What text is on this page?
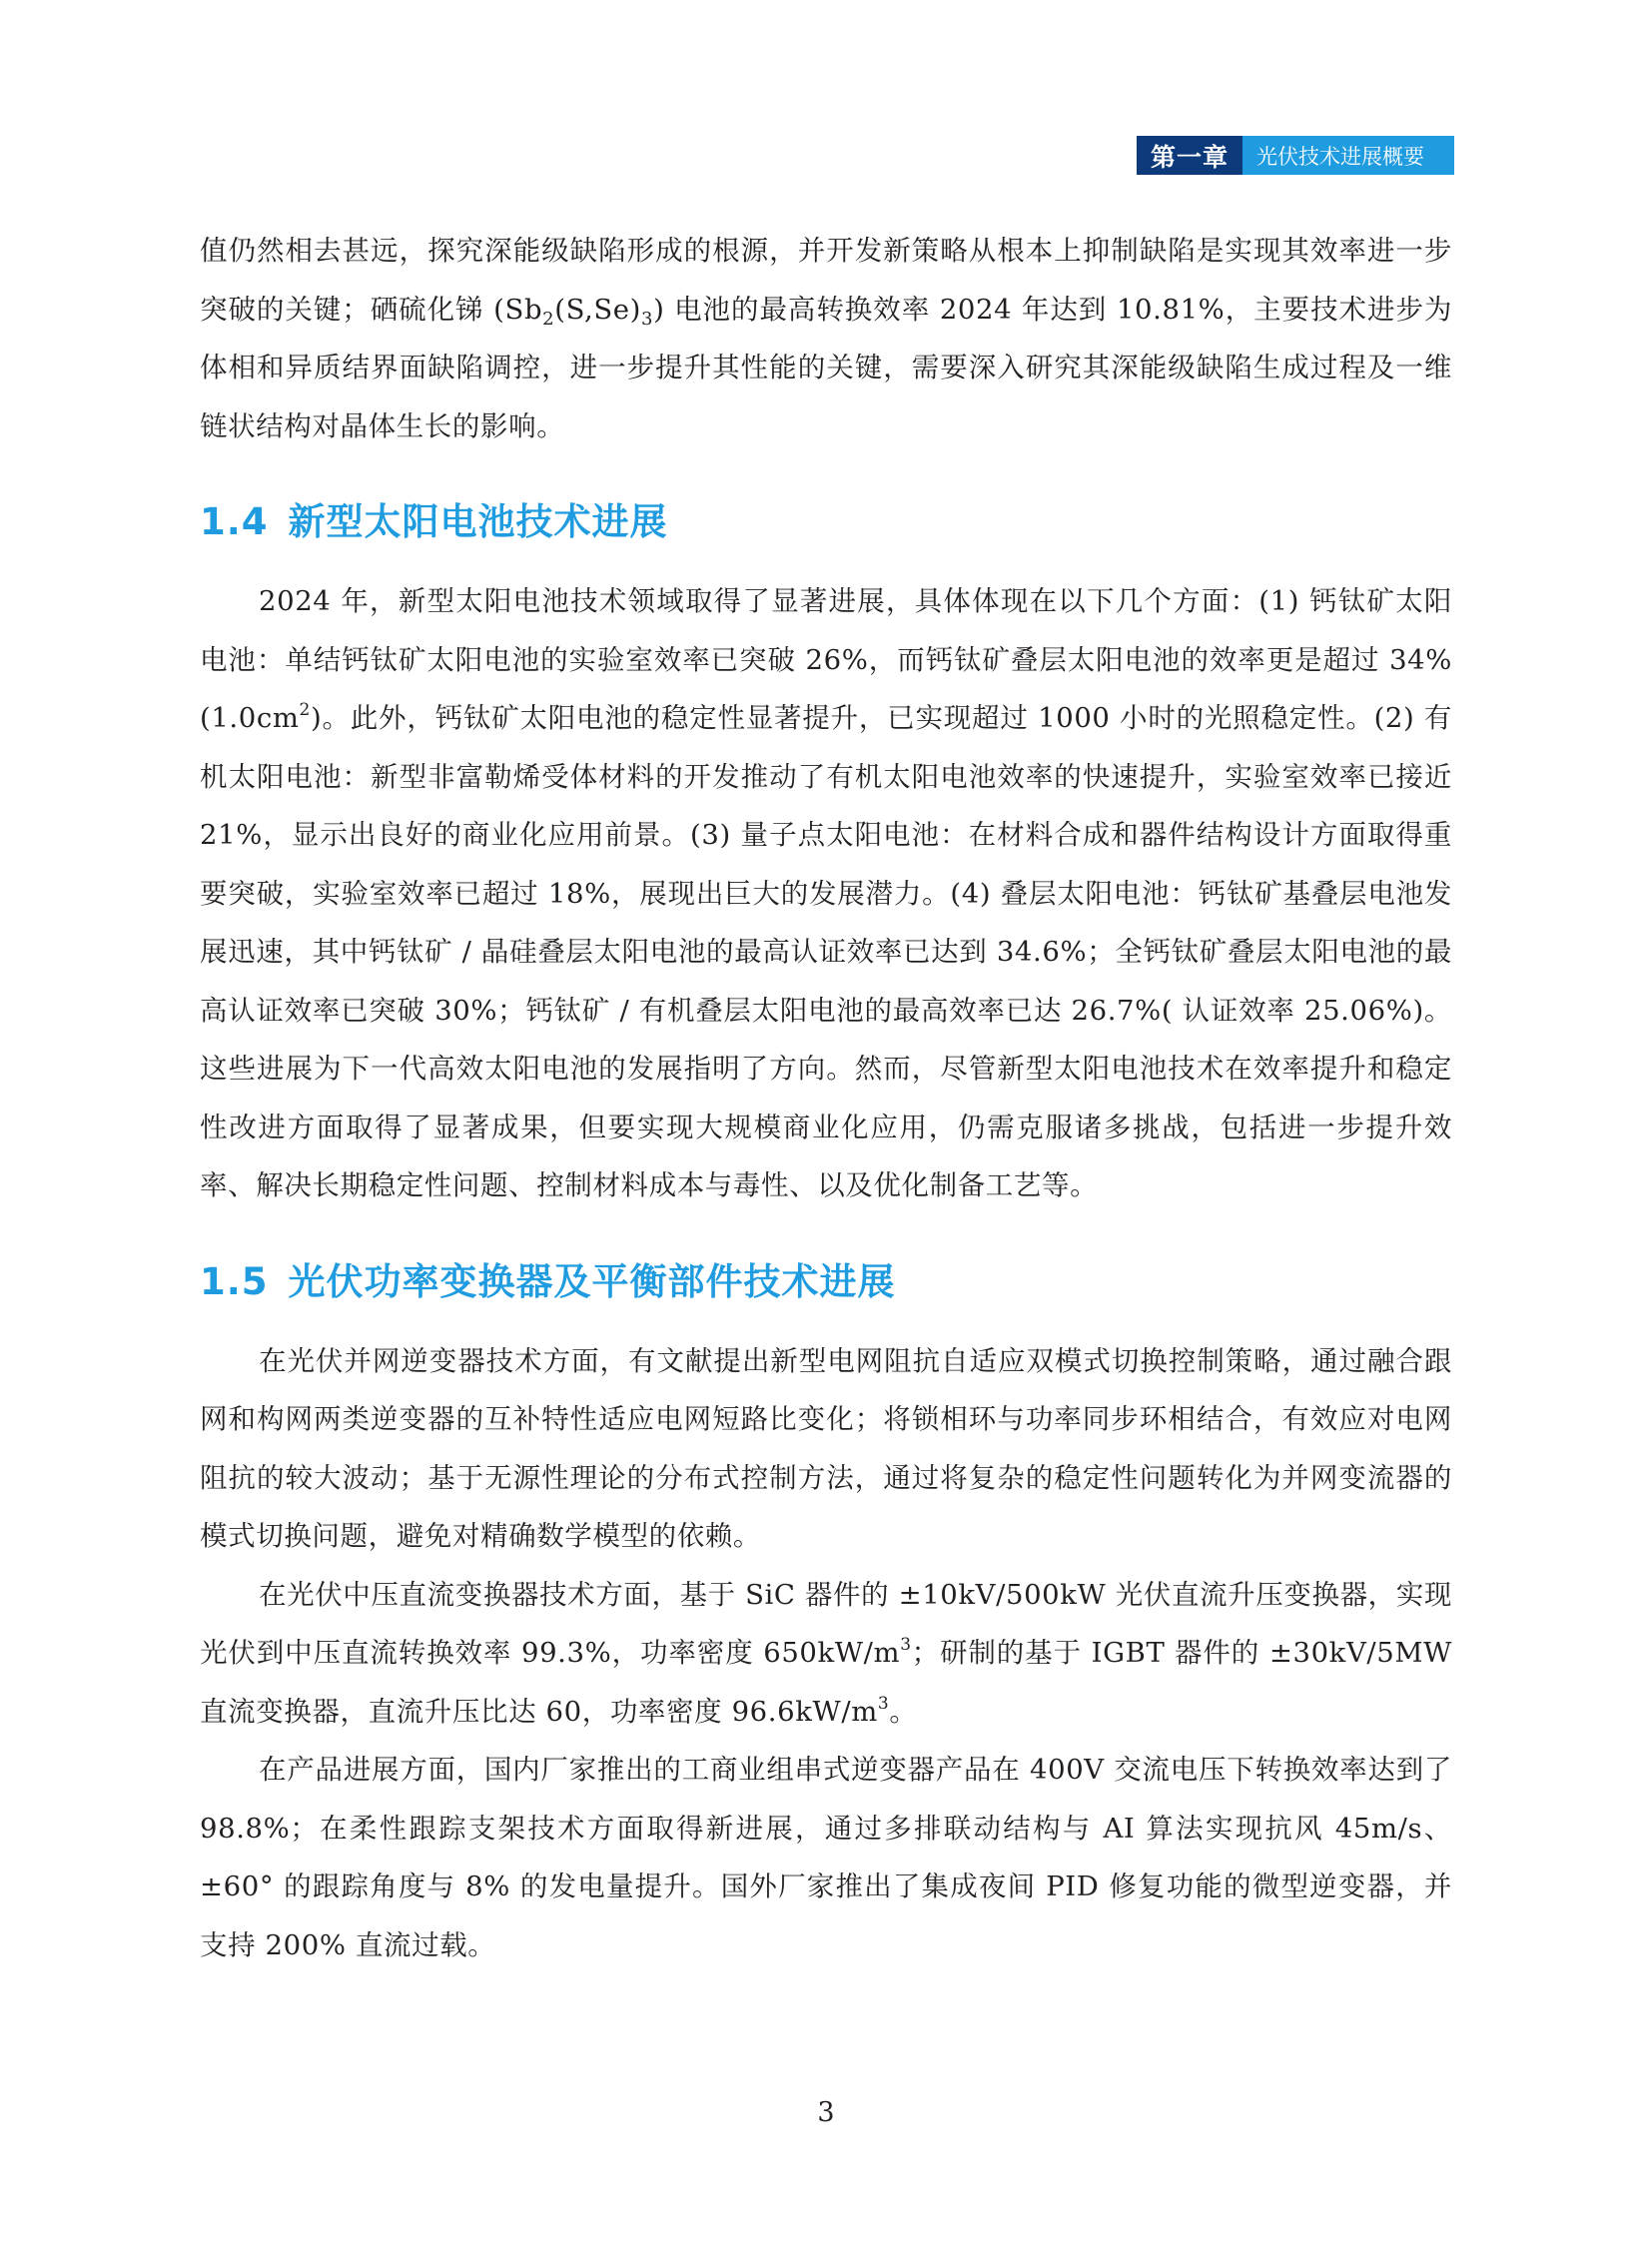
第一章	光伏技术进展概要

值仍然相去甚远，探究深能级缺陷形成的根源，并开发新策略从根本上抑制缺陷是实现其效率进一步突破的关键；硒硫化锑 $(Sb_2(S,Se)_3)$ 电池的最高转换效率 2024 年达到 10.81%，主要技术进步为体相和异质结界面缺陷调控，进一步提升其性能的关键，需要深入研究其深能级缺陷生成过程及一维链状结构对晶体生长的影响。

1.4 新型太阳电池技术进展

2024 年，新型太阳电池技术领域取得了显著进展，具体体现在以下几个方面：(1) 钙钛矿太阳电池：单结钙钛矿太阳电池的实验室效率已突破 26%，而钙钛矿叠层太阳电池的效率更是超过 $34\%(1.0cm^2)$。此外，钙钛矿太阳电池的稳定性显著提升，已实现超过 1000 小时的光照稳定性。(2) 有机太阳电池：新型非富勒烯受体材料的开发推动了有机太阳电池效率的快速提升，实验室效率已接近 21%，显示出良好的商业化应用前景。(3) 量子点太阳电池：在材料合成和器件结构设计方面取得重要突破，实验室效率已超过 18%，展现出巨大的发展潜力。(4) 叠层太阳电池：钙钛矿基叠层电池发展迅速，其中钙钛矿 / 晶硅叠层太阳电池的最高认证效率已达到 34.6%；全钙钛矿叠层太阳电池的最高认证效率已突破 30%；钙钛矿 / 有机叠层太阳电池的最高效率已达 26.7%( 认证效率 25.06%)。这些进展为下一代高效太阳电池的发展指明了方向。然而，尽管新型太阳电池技术在效率提升和稳定性改进方面取得了显著成果，但要实现大规模商业化应用，仍需克服诸多挑战，包括进一步提升效率、解决长期稳定性问题、控制材料成本与毒性、以及优化制备工艺等。

1.5 光伏功率变换器及平衡部件技术进展

在光伏并网逆变器技术方面，有文献提出新型电网阻抗自适应双模式切换控制策略，通过融合跟网和构网两类逆变器的互补特性适应电网短路比变化；将锁相环与功率同步环相结合，有效应对电网阻抗的较大波动；基于无源性理论的分布式控制方法，通过将复杂的稳定性问题转化为并网变流器的模式切换问题，避免对精确数学模型的依赖。

在光伏中压直流变换器技术方面，基于 SiC 器件的 ±10kV/500kW 光伏直流升压变换器，实现光伏到中压直流转换效率 99.3%，功率密度 $650kW/m^3$；研制的基于 IGBT 器件的 ±30kV/5MW 直流变换器，直流升压比达 60，功率密度 $96.6kW/m^3$。

在产品进展方面，国内厂家推出的工商业组串式逆变器产品在 400V 交流电压下转换效率达到了 98.8%；在柔性跟踪支架技术方面取得新进展，通过多排联动结构与 AI 算法实现抗风 45m/s、±60° 的跟踪角度与 8% 的发电量提升。国外厂家推出了集成夜间 PID 修复功能的微型逆变器，并支持 200% 直流过载。

3
